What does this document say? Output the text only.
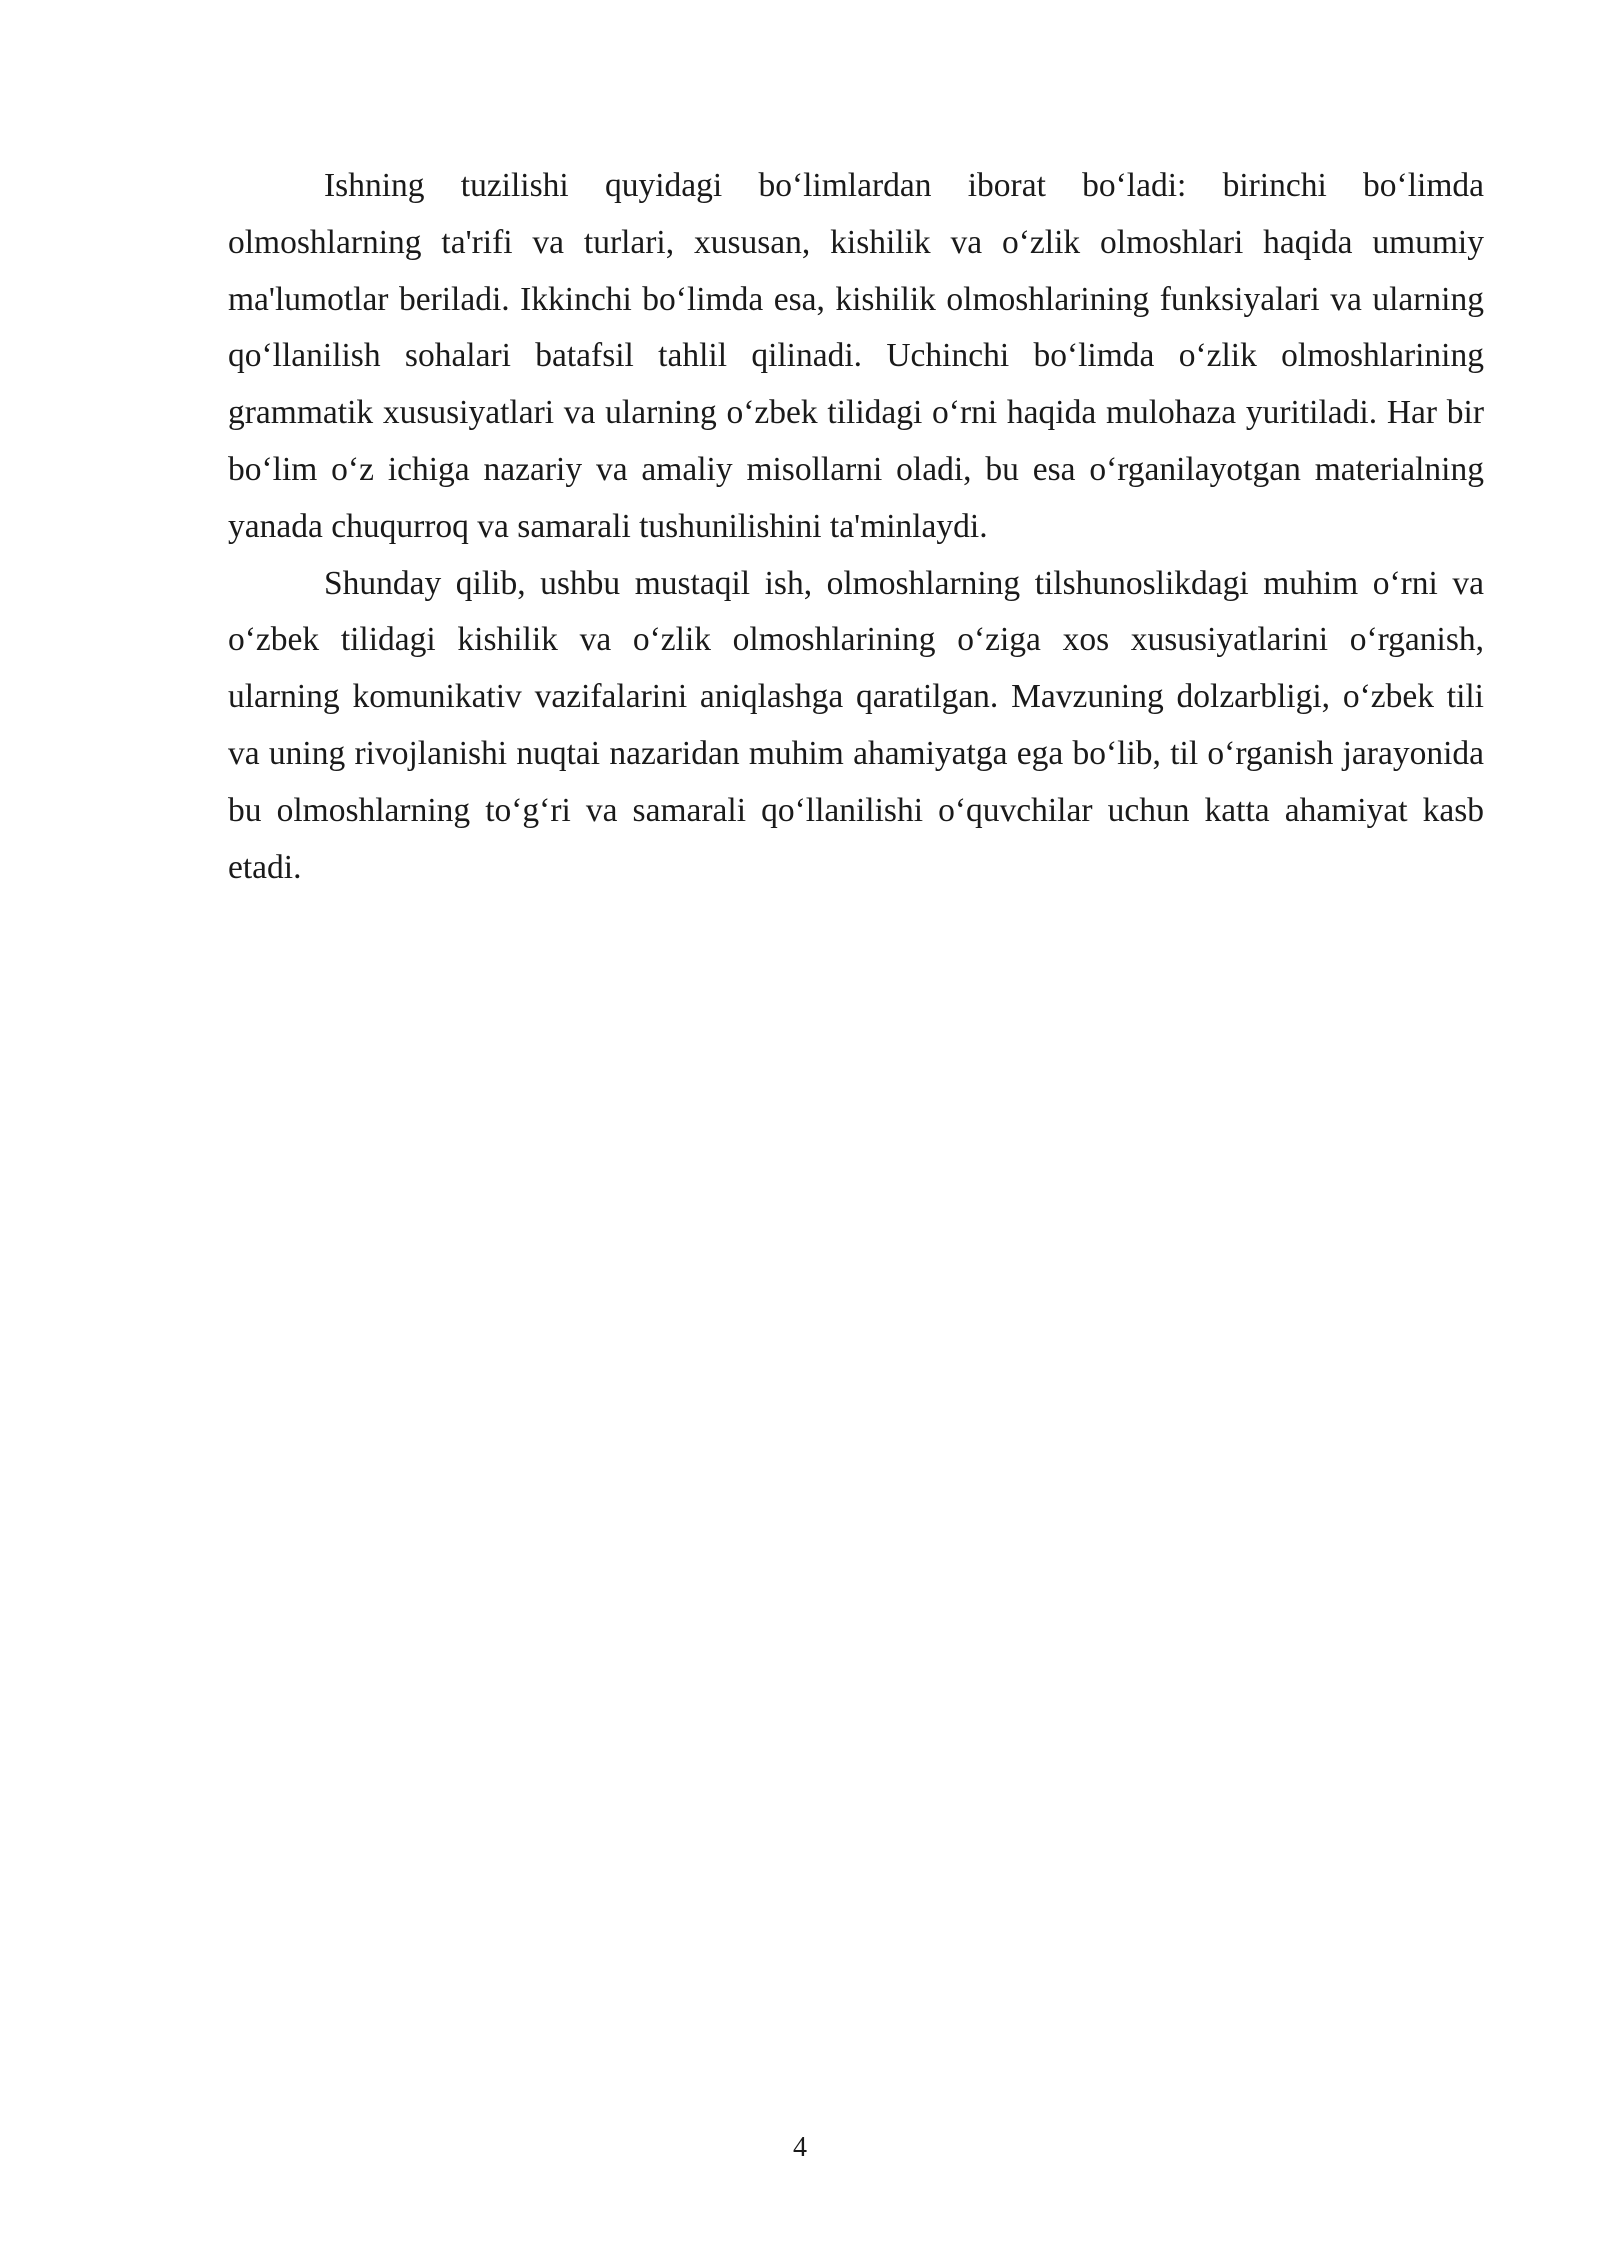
Ishning tuzilishi quyidagi bo‘limlardan iborat bo‘ladi: birinchi bo‘limda olmoshlarning ta'rifi va turlari, xususan, kishilik va o‘zlik olmoshlari haqida umumiy ma'lumotlar beriladi. Ikkinchi bo‘limda esa, kishilik olmoshlarining funksiyalari va ularning qo‘llanilish sohalari batafsil tahlil qilinadi. Uchinchi bo‘limda o‘zlik olmoshlarining grammatik xususiyatlari va ularning o‘zbek tilidagi o‘rni haqida mulohaza yuritiladi. Har bir bo‘lim o‘z ichiga nazariy va amaliy misollarni oladi, bu esa o‘rganilayotgan materialning yanada chuqurroq va samarali tushunilishini ta'minlaydi.

Shunday qilib, ushbu mustaqil ish, olmoshlarning tilshunoslikdagi muhim o‘rni va o‘zbek tilidagi kishilik va o‘zlik olmoshlarining o‘ziga xos xususiyatlarini o‘rganish, ularning komunikativ vazifalarini aniqlashga qaratilgan. Mavzuning dolzarbligi, o‘zbek tili va uning rivojlanishi nuqtai nazaridan muhim ahamiyatga ega bo‘lib, til o‘rganish jarayonida bu olmoshlarning to‘g‘ri va samarali qo‘llanilishi o‘quvchilar uchun katta ahamiyat kasb etadi.

4
